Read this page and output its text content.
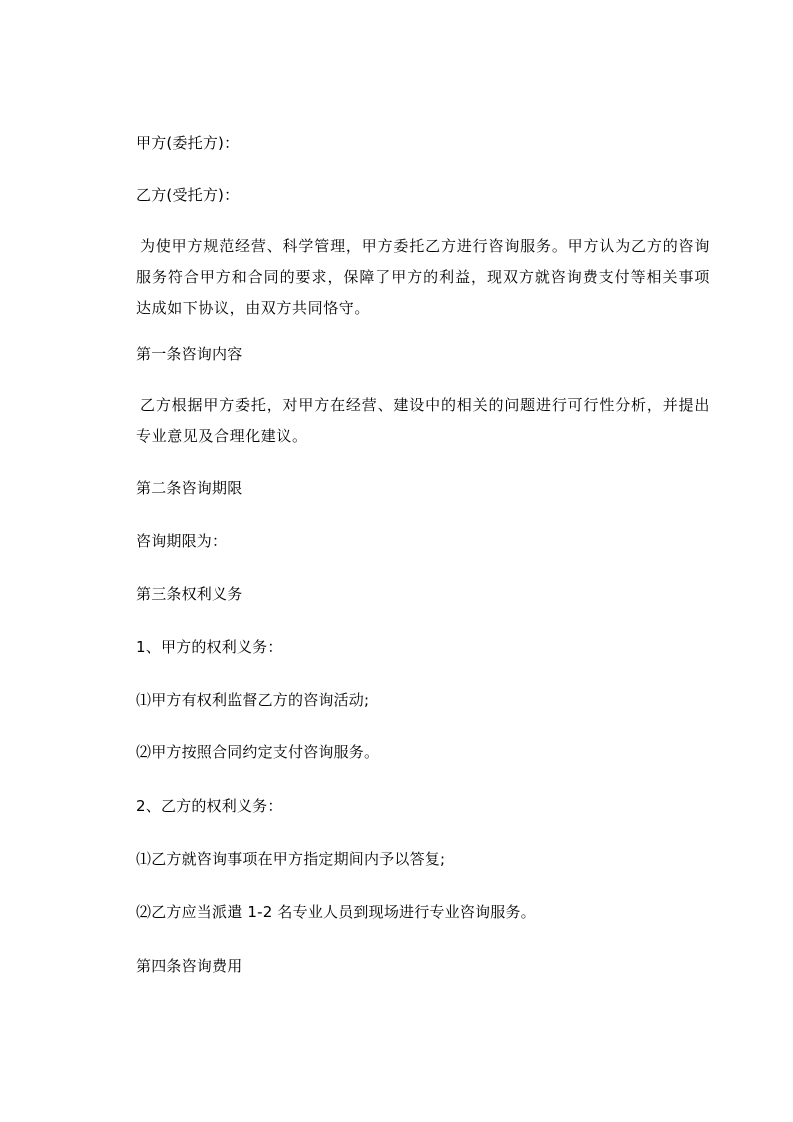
甲方(委托方)：
乙方(受托方)：
为使甲方规范经营、科学管理，甲方委托乙方进行咨询服务。甲方认为乙方的咨询服务符合甲方和合同的要求，保障了甲方的利益，现双方就咨询费支付等相关事项达成如下协议，由双方共同恪守。
第一条咨询内容
乙方根据甲方委托，对甲方在经营、建设中的相关的问题进行可行性分析，并提出专业意见及合理化建议。
第二条咨询期限
咨询期限为：
第三条权利义务
1、甲方的权利义务：
⑴甲方有权利监督乙方的咨询活动;
⑵甲方按照合同约定支付咨询服务。
2、乙方的权利义务：
⑴乙方就咨询事项在甲方指定期间内予以答复;
⑵乙方应当派遣 1-2 名专业人员到现场进行专业咨询服务。
第四条咨询费用
